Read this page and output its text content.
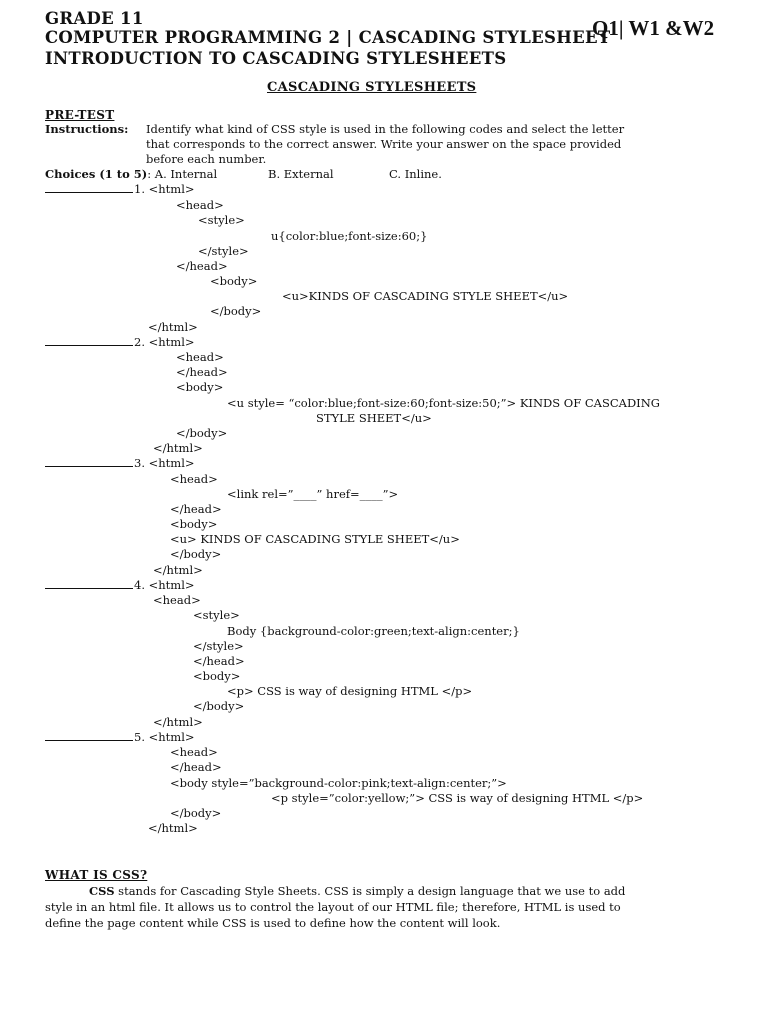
GRADE 11
COMPUTER PROGRAMMING 2 | CASCADING STYLESHEET
Q1| W1 &W2
INTRODUCTION TO CASCADING STYLESHEETS
CASCADING STYLESHEETS
PRE-TEST
Instructions: Identify what kind of CSS style is used in the following codes and select the letter
that corresponds to the correct answer. Write your answer on the space provided
before each number.
Choices (1 to 5): A. Internal	B. External	C. Inline.
1. <html>
<head>
<style>
u{color:blue;font-size:60;}
</style>
</head>
<body>
<u>KINDS OF CASCADING STYLE SHEET</u>
</body>
</html>
2. <html>
<head>
</head>
<body>
<u style= “color:blue;font-size:60;font-size:50;”> KINDS OF CASCADING
STYLE SHEET</u>
</body>
</html>
3. <html>
<head>
<link rel=”____” href=____”>
</head>
<body>
<u> KINDS OF CASCADING STYLE SHEET</u>
</body>
</html>
4. <html>
<head>
<style>
Body {background-color:green;text-align:center;}
</style>
</head>
<body>
<p> CSS is way of designing HTML </p>
</body>
</html>
5. <html>
<head>
</head>
<body style=”background-color:pink;text-align:center;”>
<p style=”color:yellow;”> CSS is way of designing HTML </p>
</body>
</html>
WHAT IS CSS?
CSS stands for Cascading Style Sheets. CSS is simply a design language that we use to add
style in an html file. It allows us to control the layout of our HTML file; therefore, HTML is used to
define the page content while CSS is used to define how the content will look.
